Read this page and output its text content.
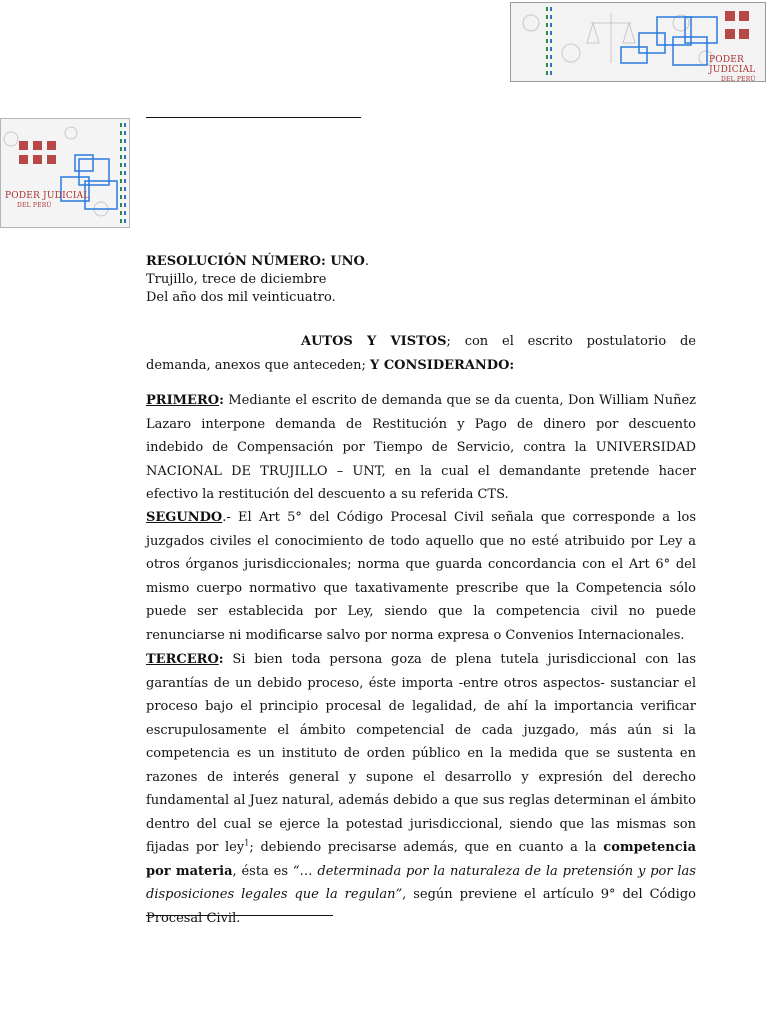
PODER JUDICIAL
DEL PERÚ
PODER JUDICIAL
DEL PERÚ
RESOLUCIÓN NÚMERO: UNO.
Trujillo, trece de diciembre
Del año dos mil veinticuatro.

AUTOS Y VISTOS; con el escrito postulatorio de demanda, anexos que anteceden; Y CONSIDERANDO:

PRIMERO: Mediante el escrito de demanda que se da cuenta, Don William Nuñez Lazaro interpone demanda de Restitución y Pago de dinero por descuento indebido de Compensación por Tiempo de Servicio, contra la UNIVERSIDAD NACIONAL DE TRUJILLO – UNT, en la cual el demandante pretende hacer efectivo la restitución del descuento a su referida CTS.

SEGUNDO.- El Art 5° del Código Procesal Civil señala que corresponde a los juzgados civiles el conocimiento de todo aquello que no esté atribuido por Ley a otros órganos jurisdiccionales; norma que guarda concordancia con el Art 6° del mismo cuerpo normativo que taxativamente prescribe que la Competencia sólo puede ser establecida por Ley, siendo que la competencia civil no puede renunciarse ni modificarse salvo por norma expresa o Convenios Internacionales.

TERCERO: Si bien toda persona goza de plena tutela jurisdiccional con las garantías de un debido proceso, éste importa -entre otros aspectos- sustanciar el proceso bajo el principio procesal de legalidad, de ahí la importancia verificar escrupulosamente el ámbito competencial de cada juzgado, más aún si la competencia es un instituto de orden público en la medida que se sustenta en razones de interés general y supone el desarrollo y expresión del derecho fundamental al Juez natural, además debido a que sus reglas determinan el ámbito dentro del cual se ejerce la potestad jurisdiccional, siendo que las mismas son fijadas por ley$^1$; debiendo precisarse además, que en cuanto a la competencia por materia, ésta es “… determinada por la naturaleza de la pretensión y por las disposiciones legales que la regulan”, según previene el artículo 9° del Código Procesal Civil.
